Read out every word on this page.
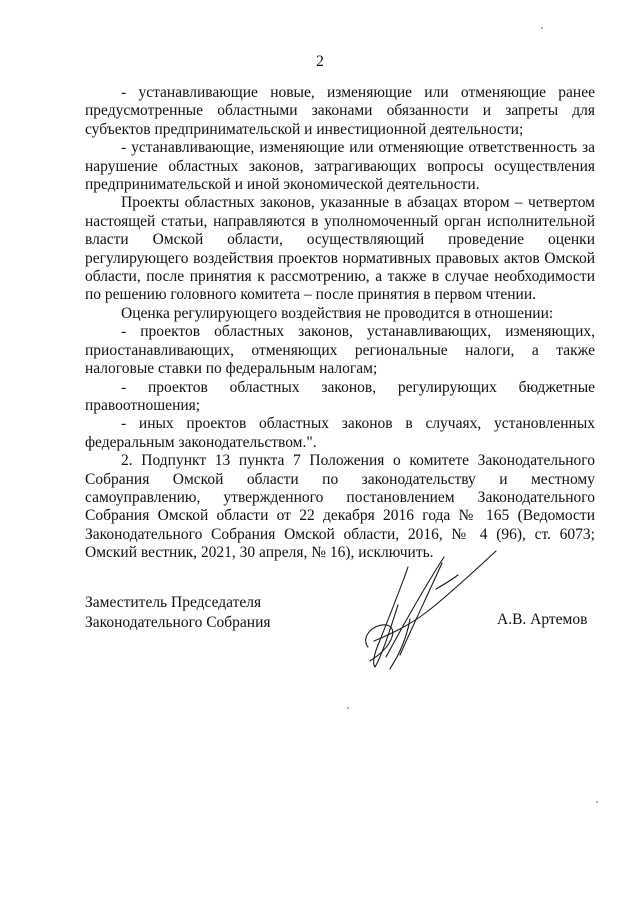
2

- устанавливающие новые, изменяющие или отменяющие ранее предусмотренные областными законами обязанности и запреты для субъектов предпринимательской и инвестиционной деятельности;

- устанавливающие, изменяющие или отменяющие ответственность за нарушение областных законов, затрагивающих вопросы осуществления предпринимательской и иной экономической деятельности.

Проекты областных законов, указанные в абзацах втором – четвертом настоящей статьи, направляются в уполномоченный орган исполнительной власти Омской области, осуществляющий проведение оценки регулирующего воздействия проектов нормативных правовых актов Омской области, после принятия к рассмотрению, а также в случае необходимости по решению головного комитета – после принятия в первом чтении.

Оценка регулирующего воздействия не проводится в отношении:

- проектов областных законов, устанавливающих, изменяющих, приостанавливающих, отменяющих региональные налоги, а также налоговые ставки по федеральным налогам;

- проектов областных законов, регулирующих бюджетные правоотношения;

- иных проектов областных законов в случаях, установленных федеральным законодательством.".

2. Подпункт 13 пункта 7 Положения о комитете Законодательного Собрания Омской области по законодательству и местному самоуправлению, утвержденного постановлением Законодательного Собрания Омской области от 22 декабря 2016 года № 165 (Ведомости Законодательного Собрания Омской области, 2016, № 4 (96), ст. 6073; Омский вестник, 2021, 30 апреля, № 16), исключить.

Заместитель Председателя
Законодательного Собрания	А.В. Артемов
